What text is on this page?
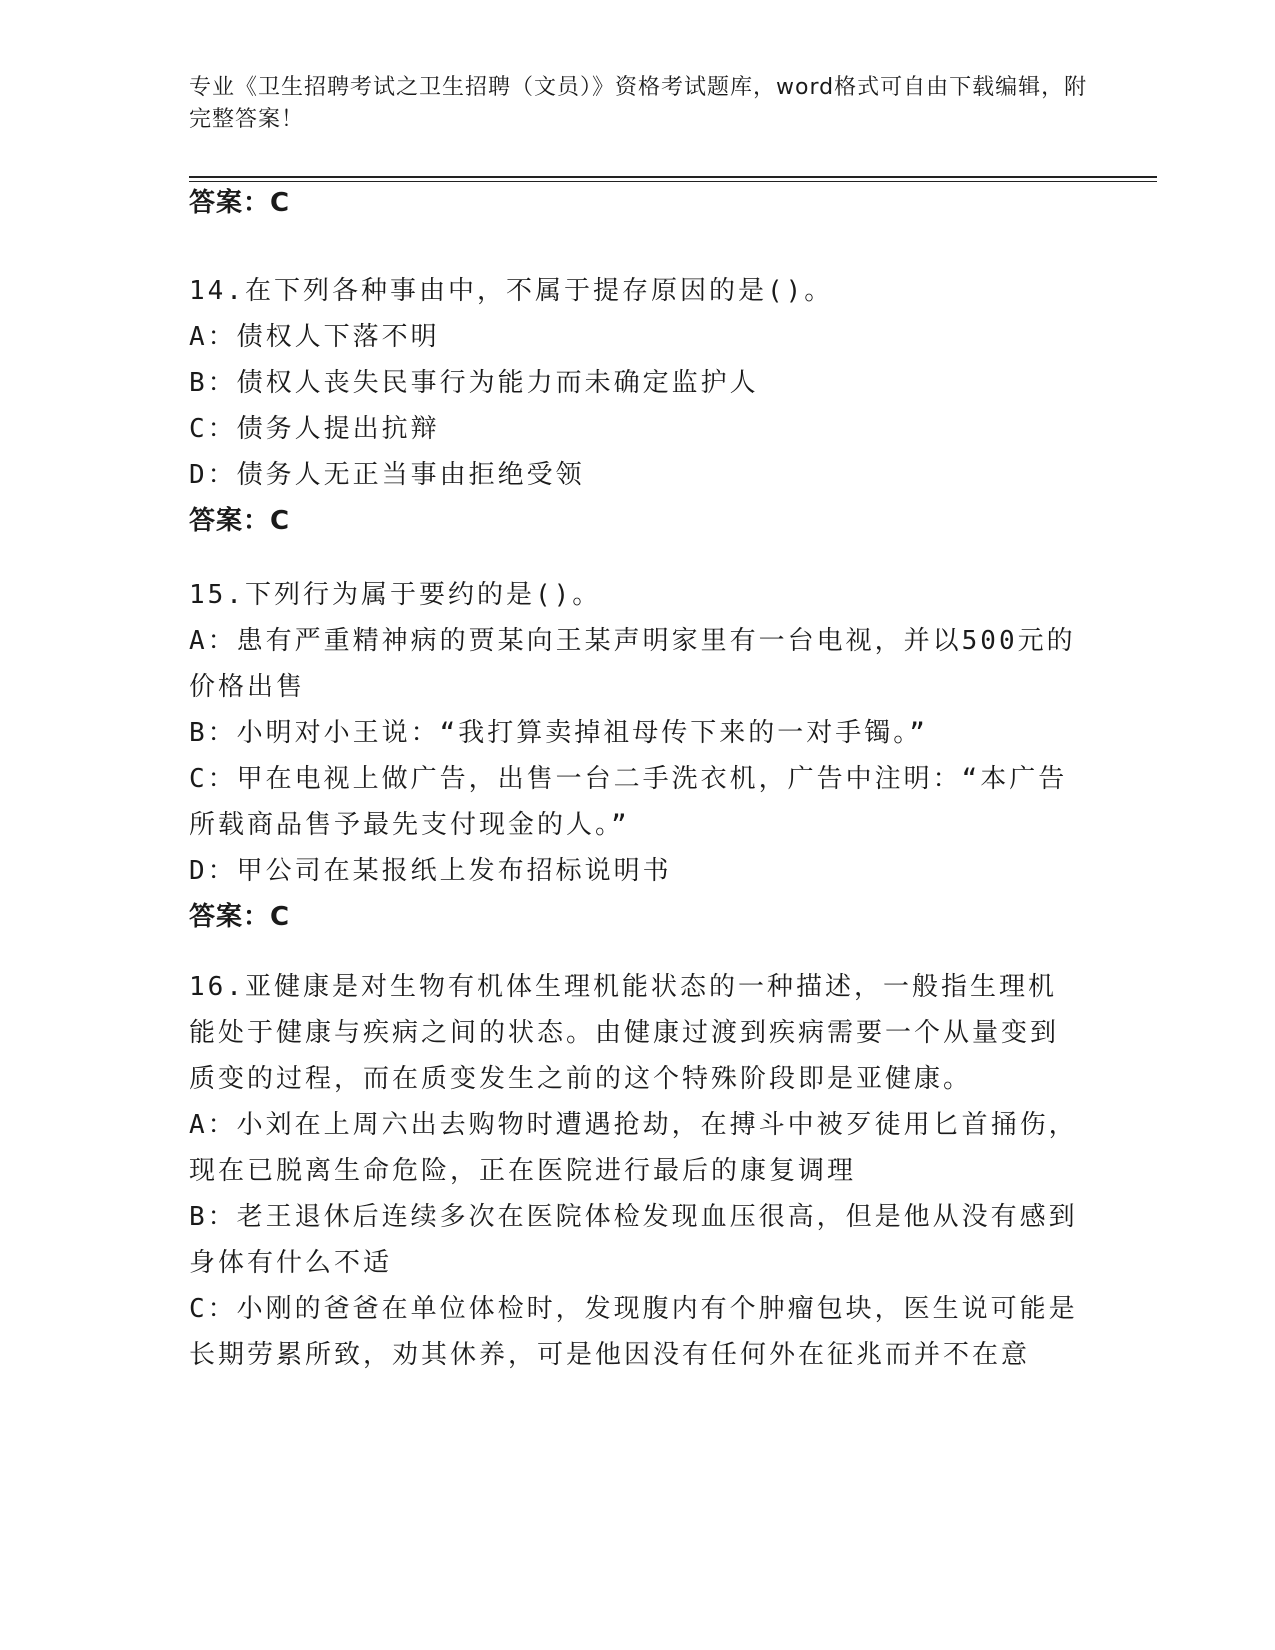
专业《卫生招聘考试之卫生招聘（文员）》资格考试题库，word格式可自由下载编辑，附完整答案！
答案：C
14.在下列各种事由中，不属于提存原因的是()。
A：债权人下落不明
B：债权人丧失民事行为能力而未确定监护人
C：债务人提出抗辩
D：债务人无正当事由拒绝受领
答案：C
15.下列行为属于要约的是()。
A：患有严重精神病的贾某向王某声明家里有一台电视，并以500元的价格出售
B：小明对小王说：“我打算卖掉祖母传下来的一对手镯。”
C：甲在电视上做广告，出售一台二手洗衣机，广告中注明：“本广告所载商品售予最先支付现金的人。”
D：甲公司在某报纸上发布招标说明书
答案：C
16.亚健康是对生物有机体生理机能状态的一种描述，一般指生理机能处于健康与疾病之间的状态。由健康过渡到疾病需要一个从量变到质变的过程，而在质变发生之前的这个特殊阶段即是亚健康。
A：小刘在上周六出去购物时遭遇抢劫，在搏斗中被歹徒用匕首捅伤，现在已脱离生命危险，正在医院进行最后的康复调理
B：老王退休后连续多次在医院体检发现血压很高，但是他从没有感到身体有什么不适
C：小刚的爸爸在单位体检时，发现腹内有个肿瘤包块，医生说可能是长期劳累所致，劝其休养，可是他因没有任何外在征兆而并不在意
